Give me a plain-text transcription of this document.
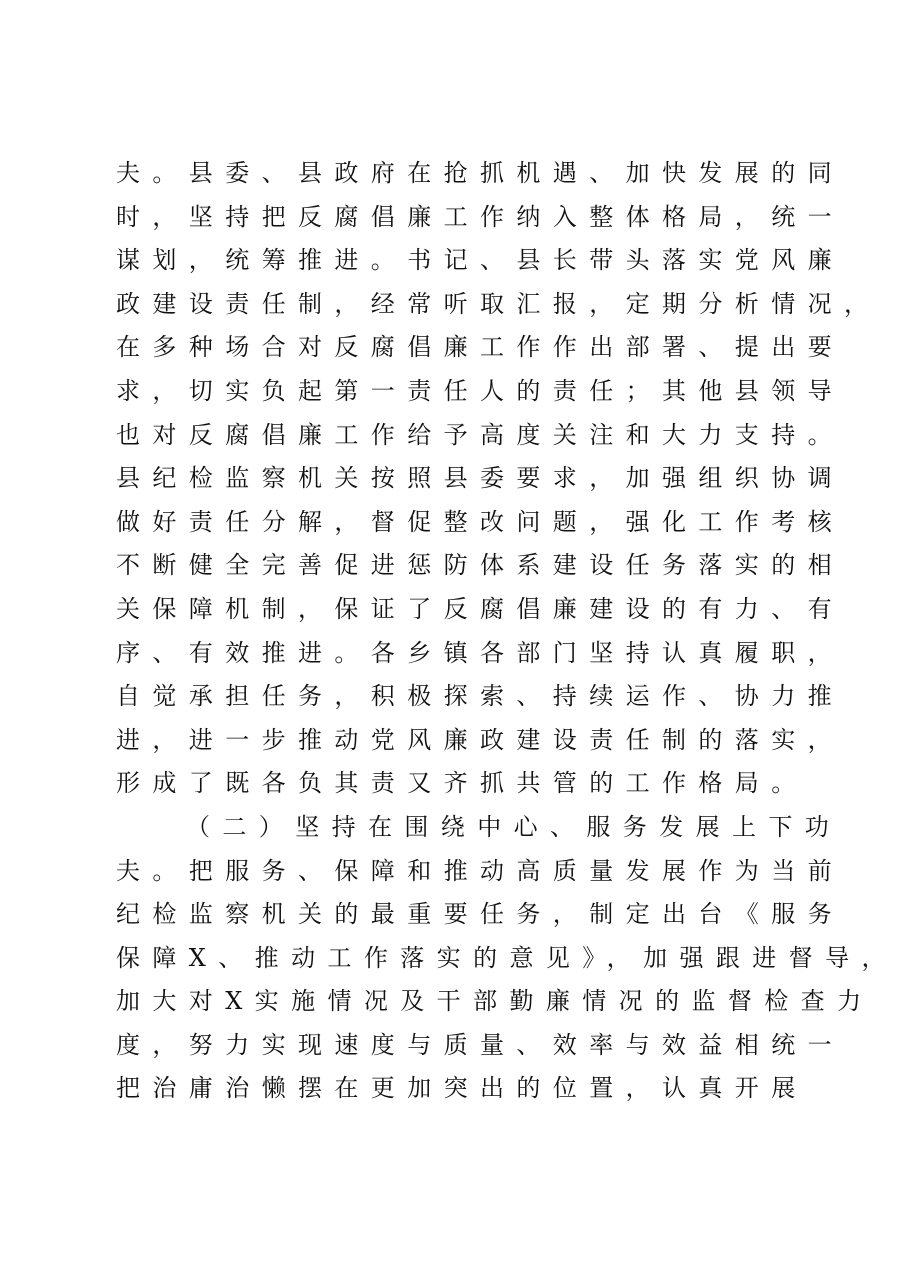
夫。县委、县政府在抢抓机遇、加快发展的同
时，坚持把反腐倡廉工作纳入整体格局，统一
谋划，统筹推进。书记、县长带头落实党风廉
政建设责任制，经常听取汇报，定期分析情况，
在多种场合对反腐倡廉工作作出部署、提出要
求，切实负起第一责任人的责任；其他县领导
也对反腐倡廉工作给予高度关注和大力支持。
县纪检监察机关按照县委要求，加强组织协调
做好责任分解，督促整改问题，强化工作考核
不断健全完善促进惩防体系建设任务落实的相
关保障机制，保证了反腐倡廉建设的有力、有
序、有效推进。各乡镇各部门坚持认真履职，
自觉承担任务，积极探索、持续运作、协力推
进，进一步推动党风廉政建设责任制的落实，
形成了既各负其责又齐抓共管的工作格局。
（二）坚持在围绕中心、服务发展上下功
夫。把服务、保障和推动高质量发展作为当前
纪检监察机关的最重要任务，制定出台《服务
保障X、推动工作落实的意见》，加强跟进督导，
加大对X实施情况及干部勤廉情况的监督检查力
度，努力实现速度与质量、效率与效益相统一
把治庸治懒摆在更加突出的位置，认真开展
